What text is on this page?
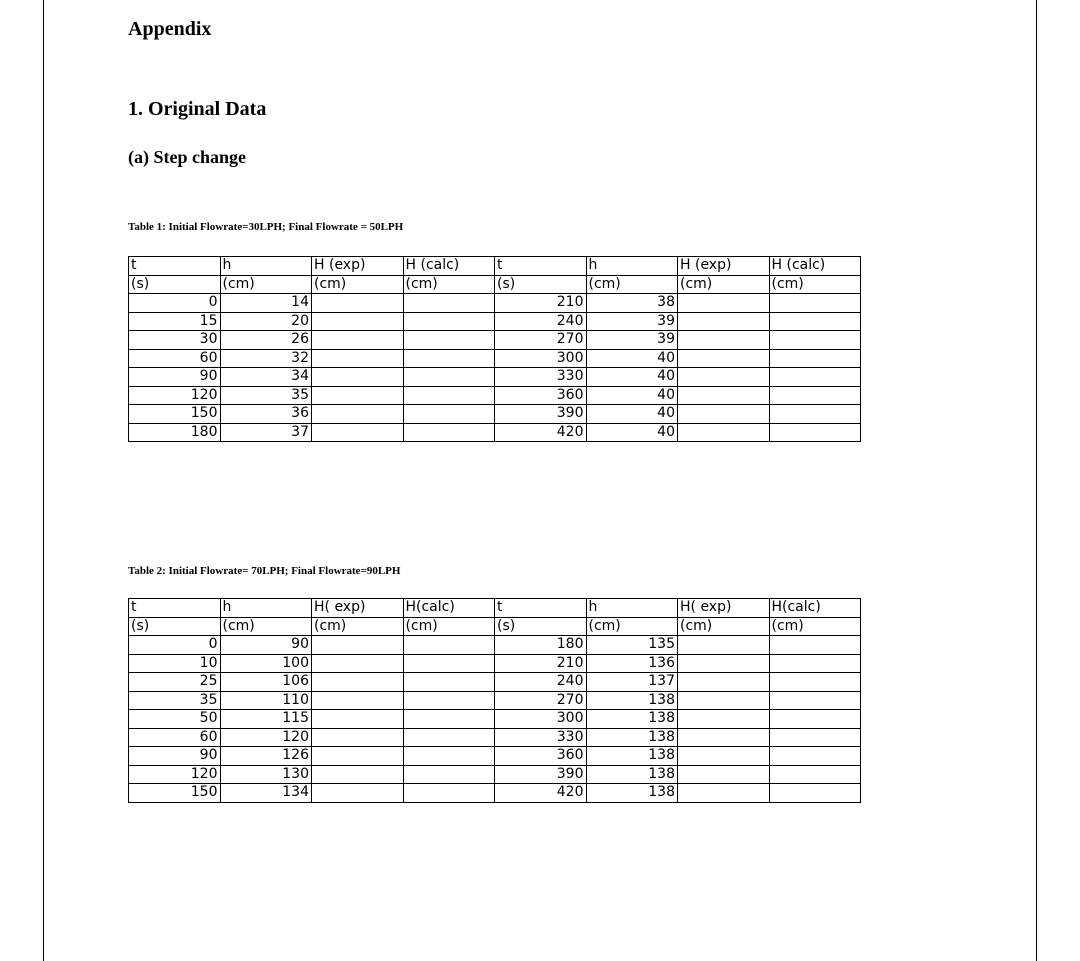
Appendix
1. Original Data
(a) Step change
Table 1: Initial Flowrate=30LPH; Final Flowrate = 50LPH
t	h	H (exp)	H (calc)	t	h	H (exp)	H (calc)
(s)	(cm)	(cm)	(cm)	(s)	(cm)	(cm)	(cm)
0	14			210	38		
15	20			240	39		
30	26			270	39		
60	32			300	40		
90	34			330	40		
120	35			360	40		
150	36			390	40		
180	37			420	40		
Table 2: Initial Flowrate= 70LPH; Final Flowrate=90LPH
t	h	H( exp)	H(calc)	t	h	H( exp)	H(calc)
(s)	(cm)	(cm)	(cm)	(s)	(cm)	(cm)	(cm)
0	90			180	135		
10	100			210	136		
25	106			240	137		
35	110			270	138		
50	115			300	138		
60	120			330	138		
90	126			360	138		
120	130			390	138		
150	134			420	138		
